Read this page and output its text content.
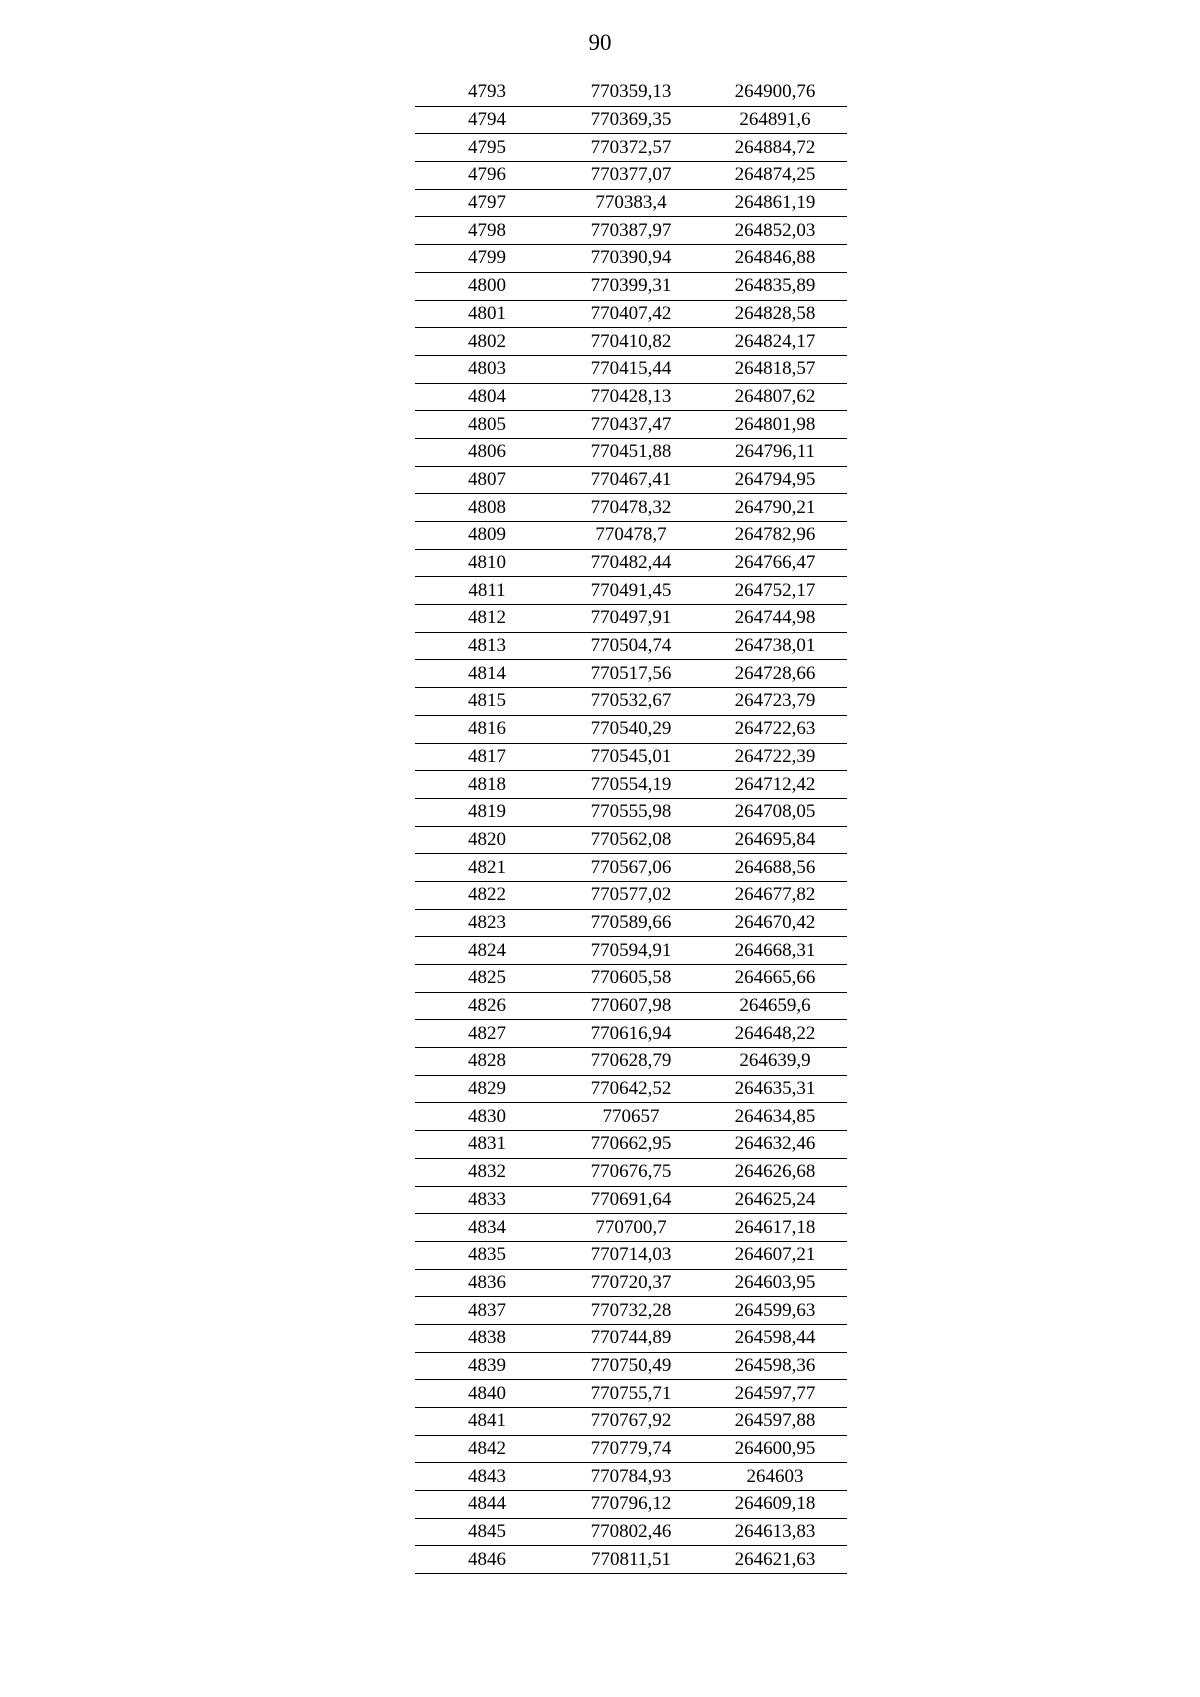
90
4793	770359,13	264900,76
4794	770369,35	264891,6
4795	770372,57	264884,72
4796	770377,07	264874,25
4797	770383,4	264861,19
4798	770387,97	264852,03
4799	770390,94	264846,88
4800	770399,31	264835,89
4801	770407,42	264828,58
4802	770410,82	264824,17
4803	770415,44	264818,57
4804	770428,13	264807,62
4805	770437,47	264801,98
4806	770451,88	264796,11
4807	770467,41	264794,95
4808	770478,32	264790,21
4809	770478,7	264782,96
4810	770482,44	264766,47
4811	770491,45	264752,17
4812	770497,91	264744,98
4813	770504,74	264738,01
4814	770517,56	264728,66
4815	770532,67	264723,79
4816	770540,29	264722,63
4817	770545,01	264722,39
4818	770554,19	264712,42
4819	770555,98	264708,05
4820	770562,08	264695,84
4821	770567,06	264688,56
4822	770577,02	264677,82
4823	770589,66	264670,42
4824	770594,91	264668,31
4825	770605,58	264665,66
4826	770607,98	264659,6
4827	770616,94	264648,22
4828	770628,79	264639,9
4829	770642,52	264635,31
4830	770657	264634,85
4831	770662,95	264632,46
4832	770676,75	264626,68
4833	770691,64	264625,24
4834	770700,7	264617,18
4835	770714,03	264607,21
4836	770720,37	264603,95
4837	770732,28	264599,63
4838	770744,89	264598,44
4839	770750,49	264598,36
4840	770755,71	264597,77
4841	770767,92	264597,88
4842	770779,74	264600,95
4843	770784,93	264603
4844	770796,12	264609,18
4845	770802,46	264613,83
4846	770811,51	264621,63
